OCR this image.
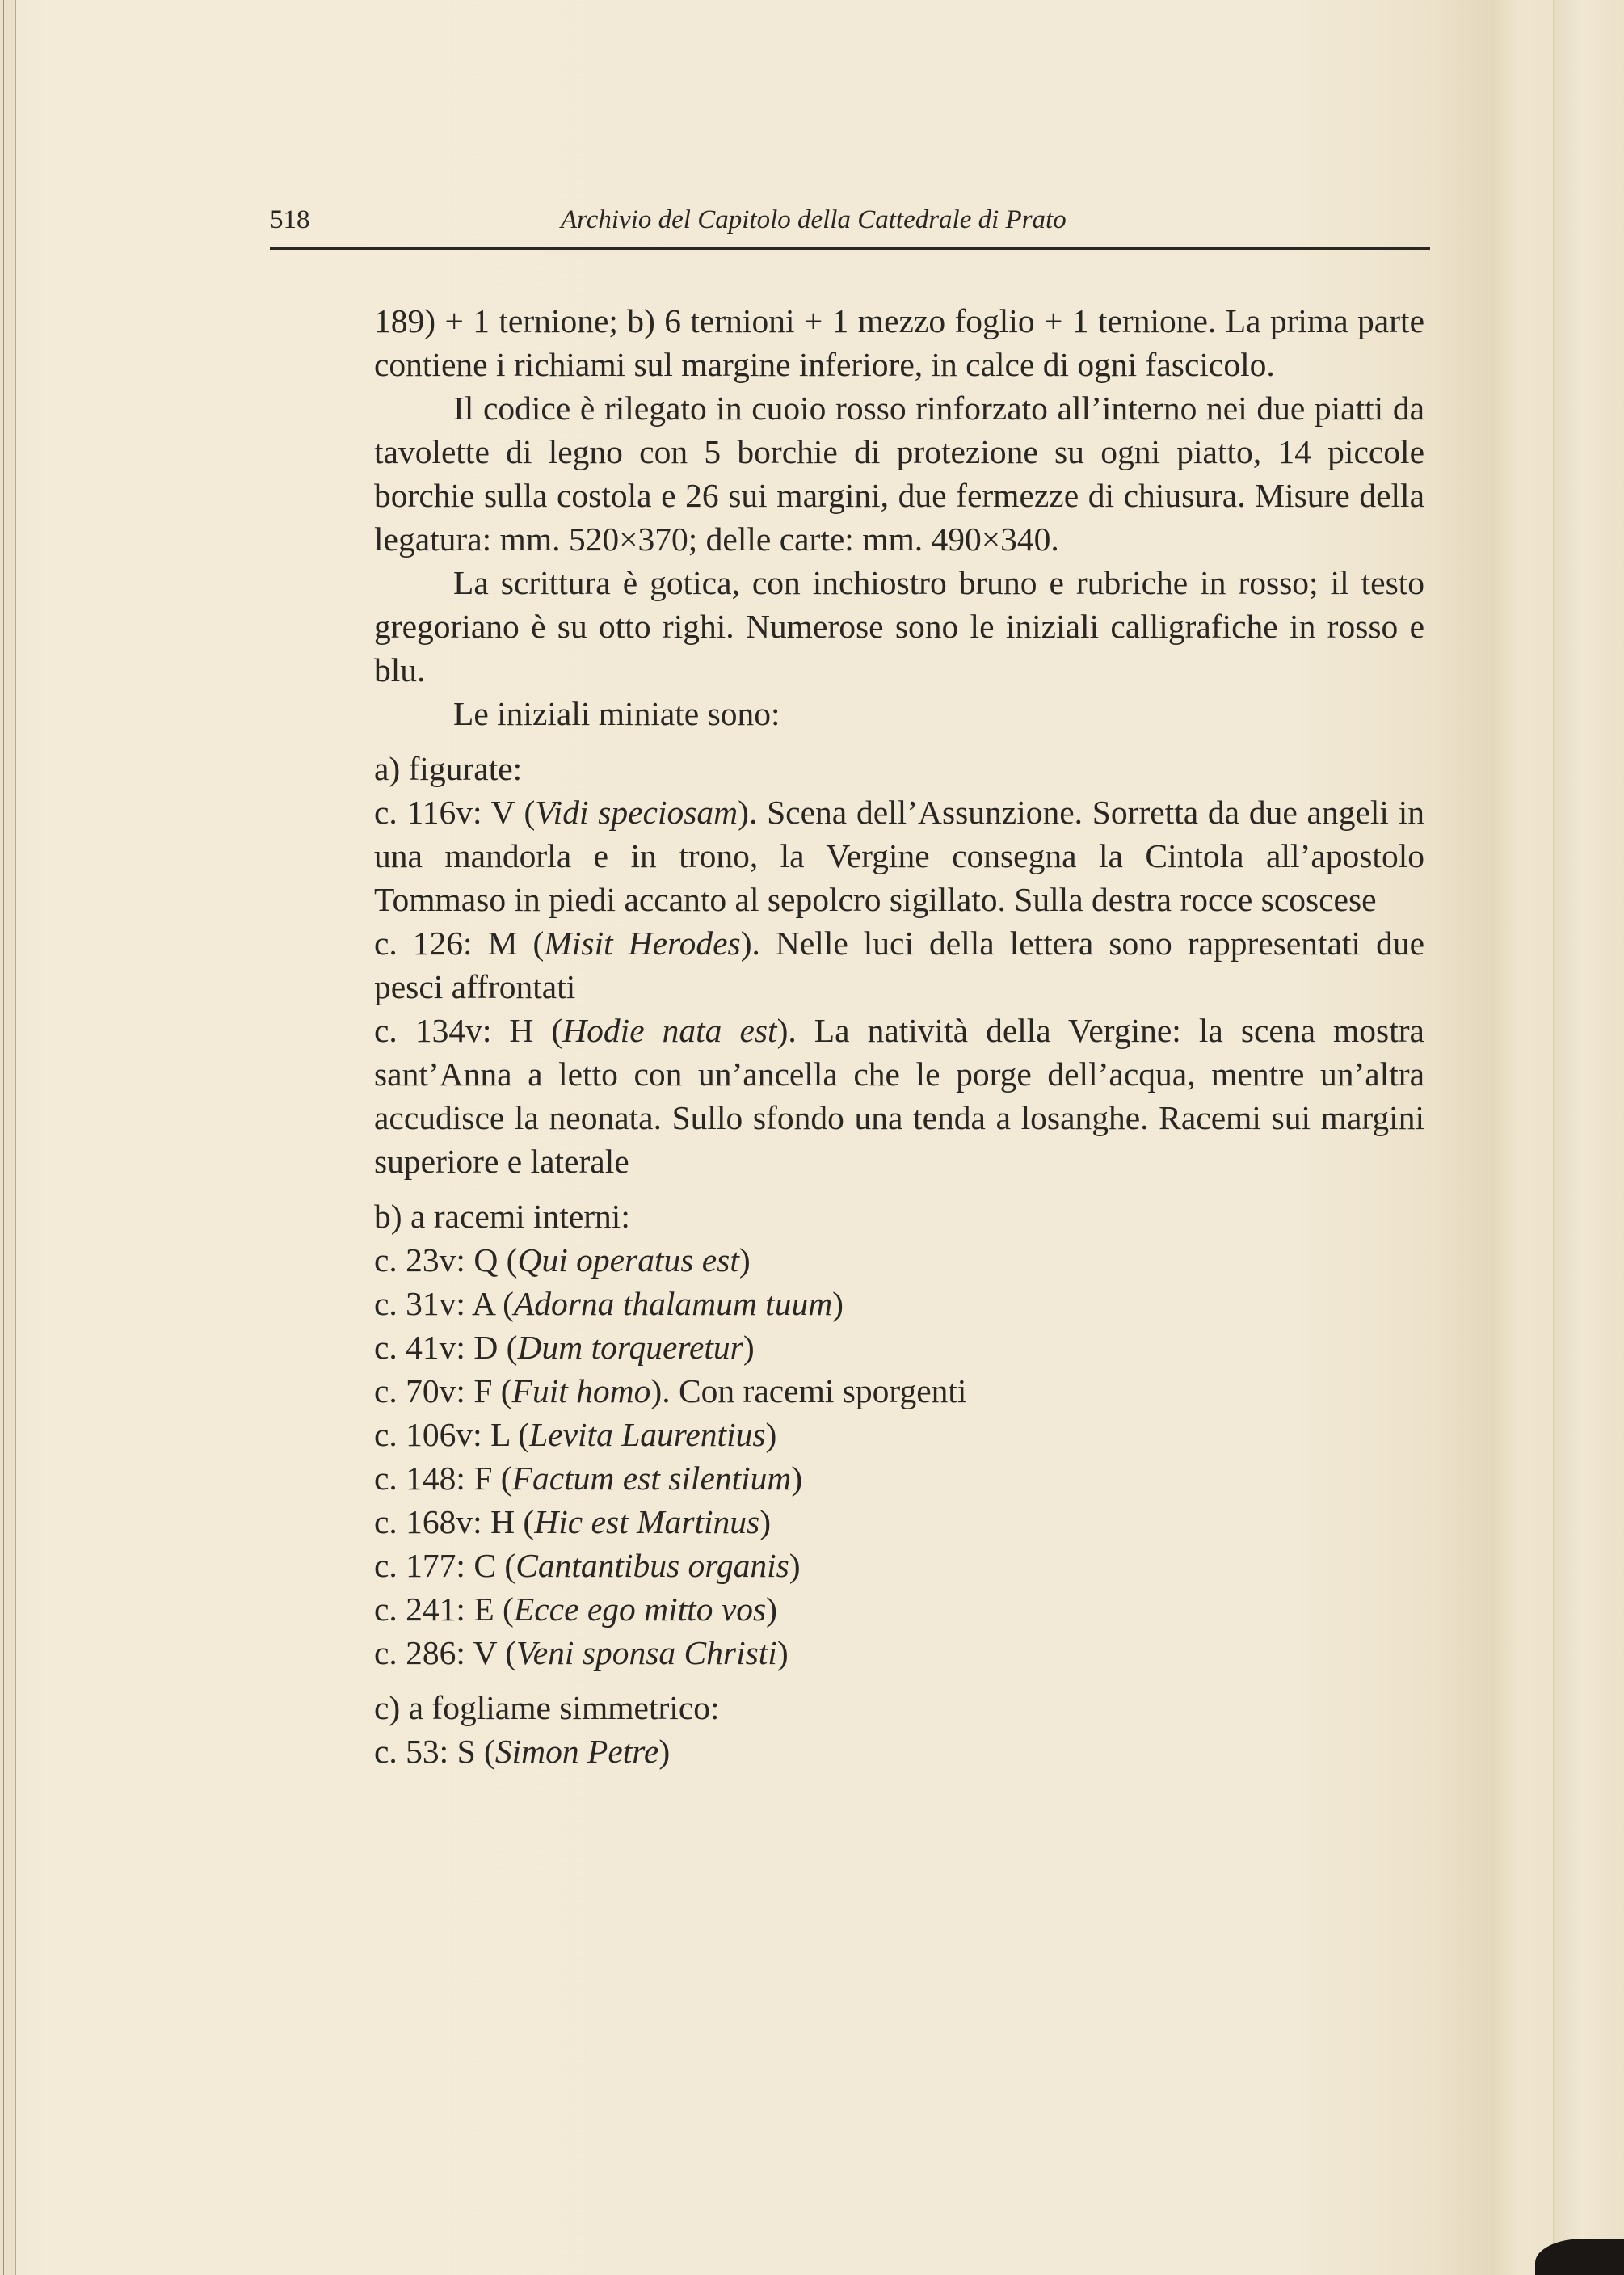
518	Archivio del Capitolo della Cattedrale di Prato

189) + 1 ternione; b) 6 ternioni + 1 mezzo foglio + 1 ternione. La prima parte contiene i richiami sul margine inferiore, in calce di ogni fascicolo.

Il codice è rilegato in cuoio rosso rinforzato all’interno nei due piatti da tavolette di legno con 5 borchie di protezione su ogni piatto, 14 piccole borchie sulla costola e 26 sui margini, due fermezze di chiusura. Misure della legatura: mm. 520×370; delle carte: mm. 490×340.

La scrittura è gotica, con inchiostro bruno e rubriche in rosso; il testo gregoriano è su otto righi. Numerose sono le iniziali calligrafiche in rosso e blu.

Le iniziali miniate sono:

a) figurate:

c. 116v: V (Vidi speciosam). Scena dell’Assunzione. Sorretta da due angeli in una mandorla e in trono, la Vergine consegna la Cintola all’apostolo Tommaso in piedi accanto al sepolcro sigillato. Sulla destra rocce scoscese

c. 126: M (Misit Herodes). Nelle luci della lettera sono rappresentati due pesci affrontati

c. 134v: H (Hodie nata est). La natività della Vergine: la scena mostra sant’Anna a letto con un’ancella che le porge dell’acqua, mentre un’altra accudisce la neonata. Sullo sfondo una tenda a losanghe. Racemi sui margini superiore e laterale

b) a racemi interni:
c. 23v: Q (Qui operatus est)
c. 31v: A (Adorna thalamum tuum)
c. 41v: D (Dum torqueretur)
c. 70v: F (Fuit homo). Con racemi sporgenti
c. 106v: L (Levita Laurentius)
c. 148: F (Factum est silentium)
c. 168v: H (Hic est Martinus)
c. 177: C (Cantantibus organis)
c. 241: E (Ecce ego mitto vos)
c. 286: V (Veni sponsa Christi)
c) a fogliame simmetrico:
c. 53: S (Simon Petre)
